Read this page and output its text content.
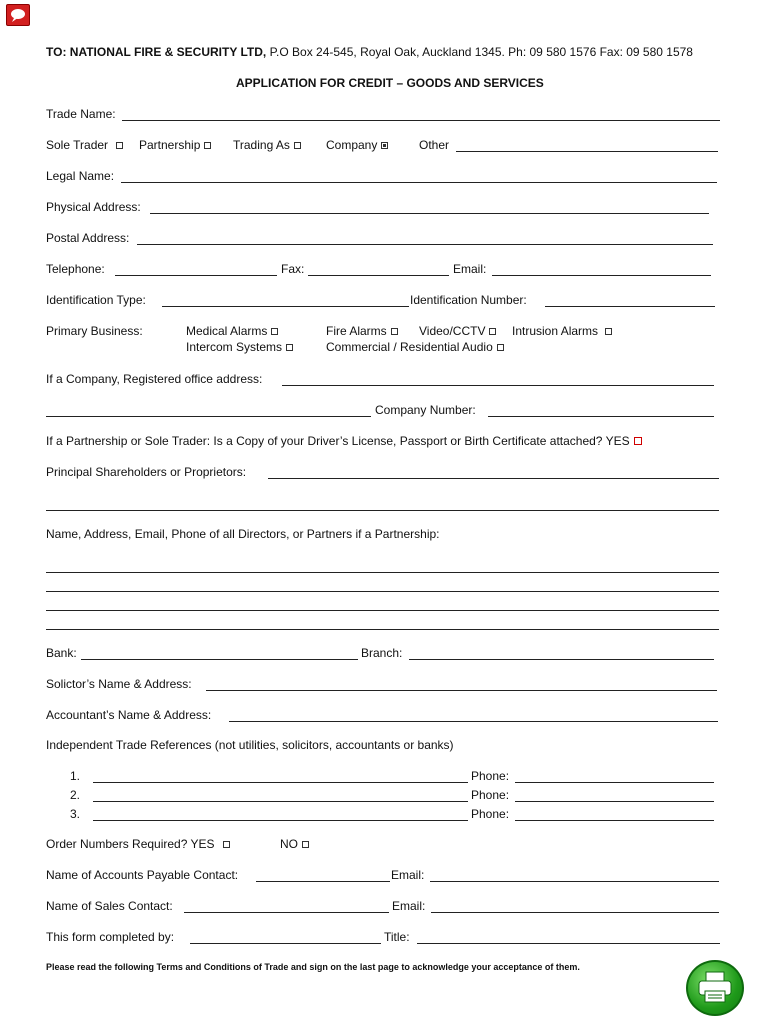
TO: NATIONAL FIRE & SECURITY LTD, P.O Box 24-545, Royal Oak, Auckland 1345. Ph: 09 580 1576 Fax: 09 580 1578
APPLICATION FOR CREDIT – GOODS AND SERVICES
Trade Name:
Sole Trader	Partnership	Trading As	Company	Other
Legal Name:
Physical Address:
Postal Address:
Telephone:	Fax:	Email:
Identification Type:	Identification Number:
Primary Business:	Medical Alarms	Fire Alarms	Video/CCTV	Intrusion Alarms
Intercom Systems	Commercial / Residential Audio
If a Company, Registered office address:
Company Number:
If a Partnership or Sole Trader: Is a Copy of your Driver’s License, Passport or Birth Certificate attached? YES
Principal Shareholders or Proprietors:
Name, Address, Email, Phone of all Directors, or Partners if a Partnership:
Bank:	Branch:
Solictor’s Name & Address:
Accountant’s Name & Address:
Independent Trade References (not utilities, solicitors, accountants or banks)
1.	Phone:
2.	Phone:
3.	Phone:
Order Numbers Required? YES	NO
Name of Accounts Payable Contact:	Email:
Name of Sales Contact:	Email:
This form completed by:	Title:
Please read the following Terms and Conditions of Trade and sign on the last page to acknowledge your acceptance of them.
